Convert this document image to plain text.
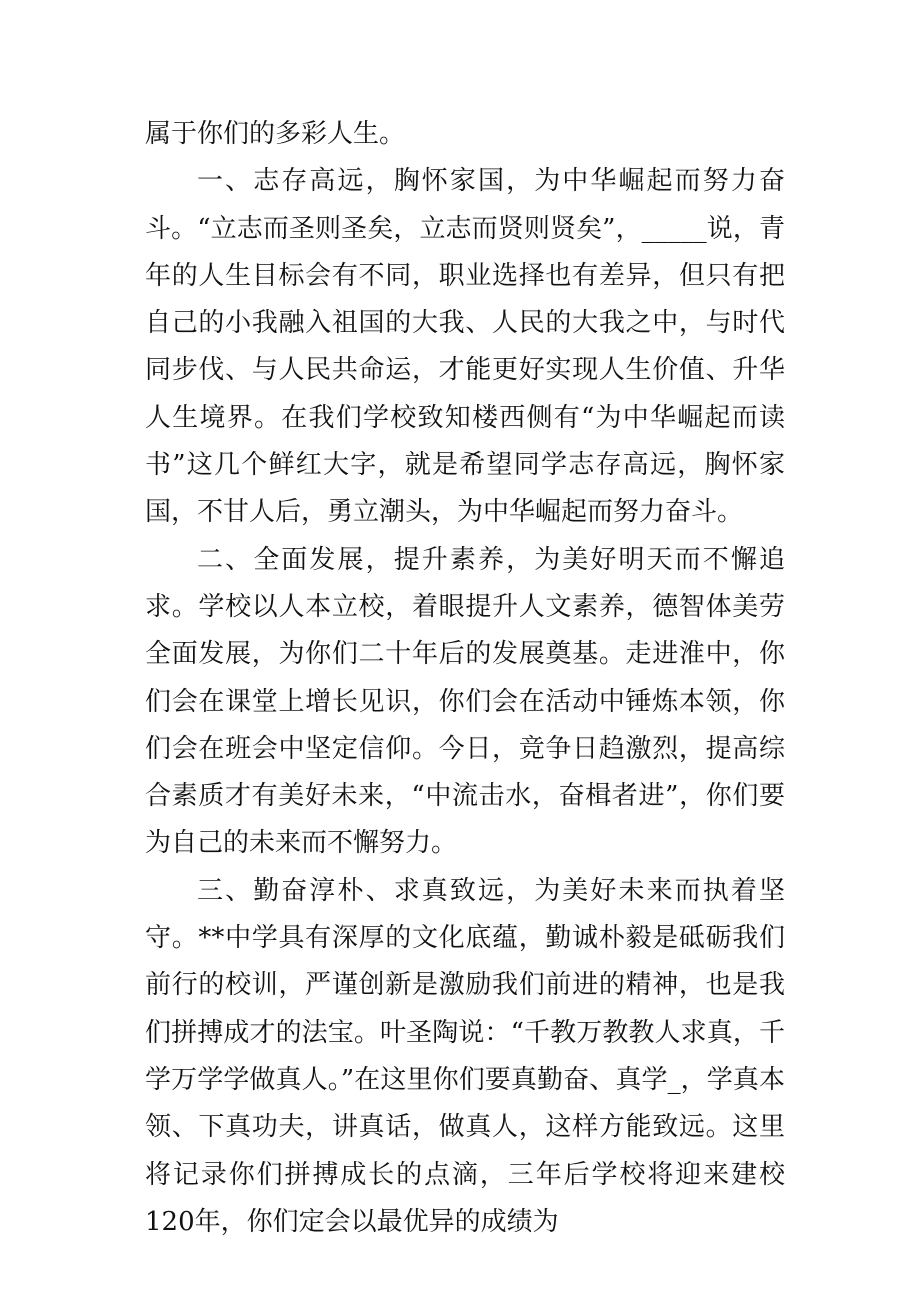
属于你们的多彩人生。

一、志存高远，胸怀家国，为中华崛起而努力奋斗。“立志而圣则圣矣，立志而贤则贤矣”，_____说，青年的人生目标会有不同，职业选择也有差异，但只有把自己的小我融入祖国的大我、人民的大我之中，与时代同步伐、与人民共命运，才能更好实现人生价值、升华人生境界。在我们学校致知楼西侧有“为中华崛起而读书”这几个鲜红大字，就是希望同学志存高远，胸怀家国，不甘人后，勇立潮头，为中华崛起而努力奋斗。

二、全面发展，提升素养，为美好明天而不懈追求。学校以人本立校，着眼提升人文素养，德智体美劳全面发展，为你们二十年后的发展奠基。走进淮中，你们会在课堂上增长见识，你们会在活动中锤炼本领，你们会在班会中坚定信仰。今日，竞争日趋激烈，提高综合素质才有美好未来，“中流击水，奋楫者进”，你们要为自己的未来而不懈努力。

三、勤奋淳朴、求真致远，为美好未来而执着坚守。**中学具有深厚的文化底蕴，勤诚朴毅是砥砺我们前行的校训，严谨创新是激励我们前进的精神，也是我们拼搏成才的法宝。叶圣陶说：“千教万教教人求真，千学万学学做真人。”在这里你们要真勤奋、真学_，学真本领、下真功夫，讲真话，做真人，这样方能致远。这里将记录你们拼搏成长的点滴，三年后学校将迎来建校120年，你们定会以最优异的成绩为
